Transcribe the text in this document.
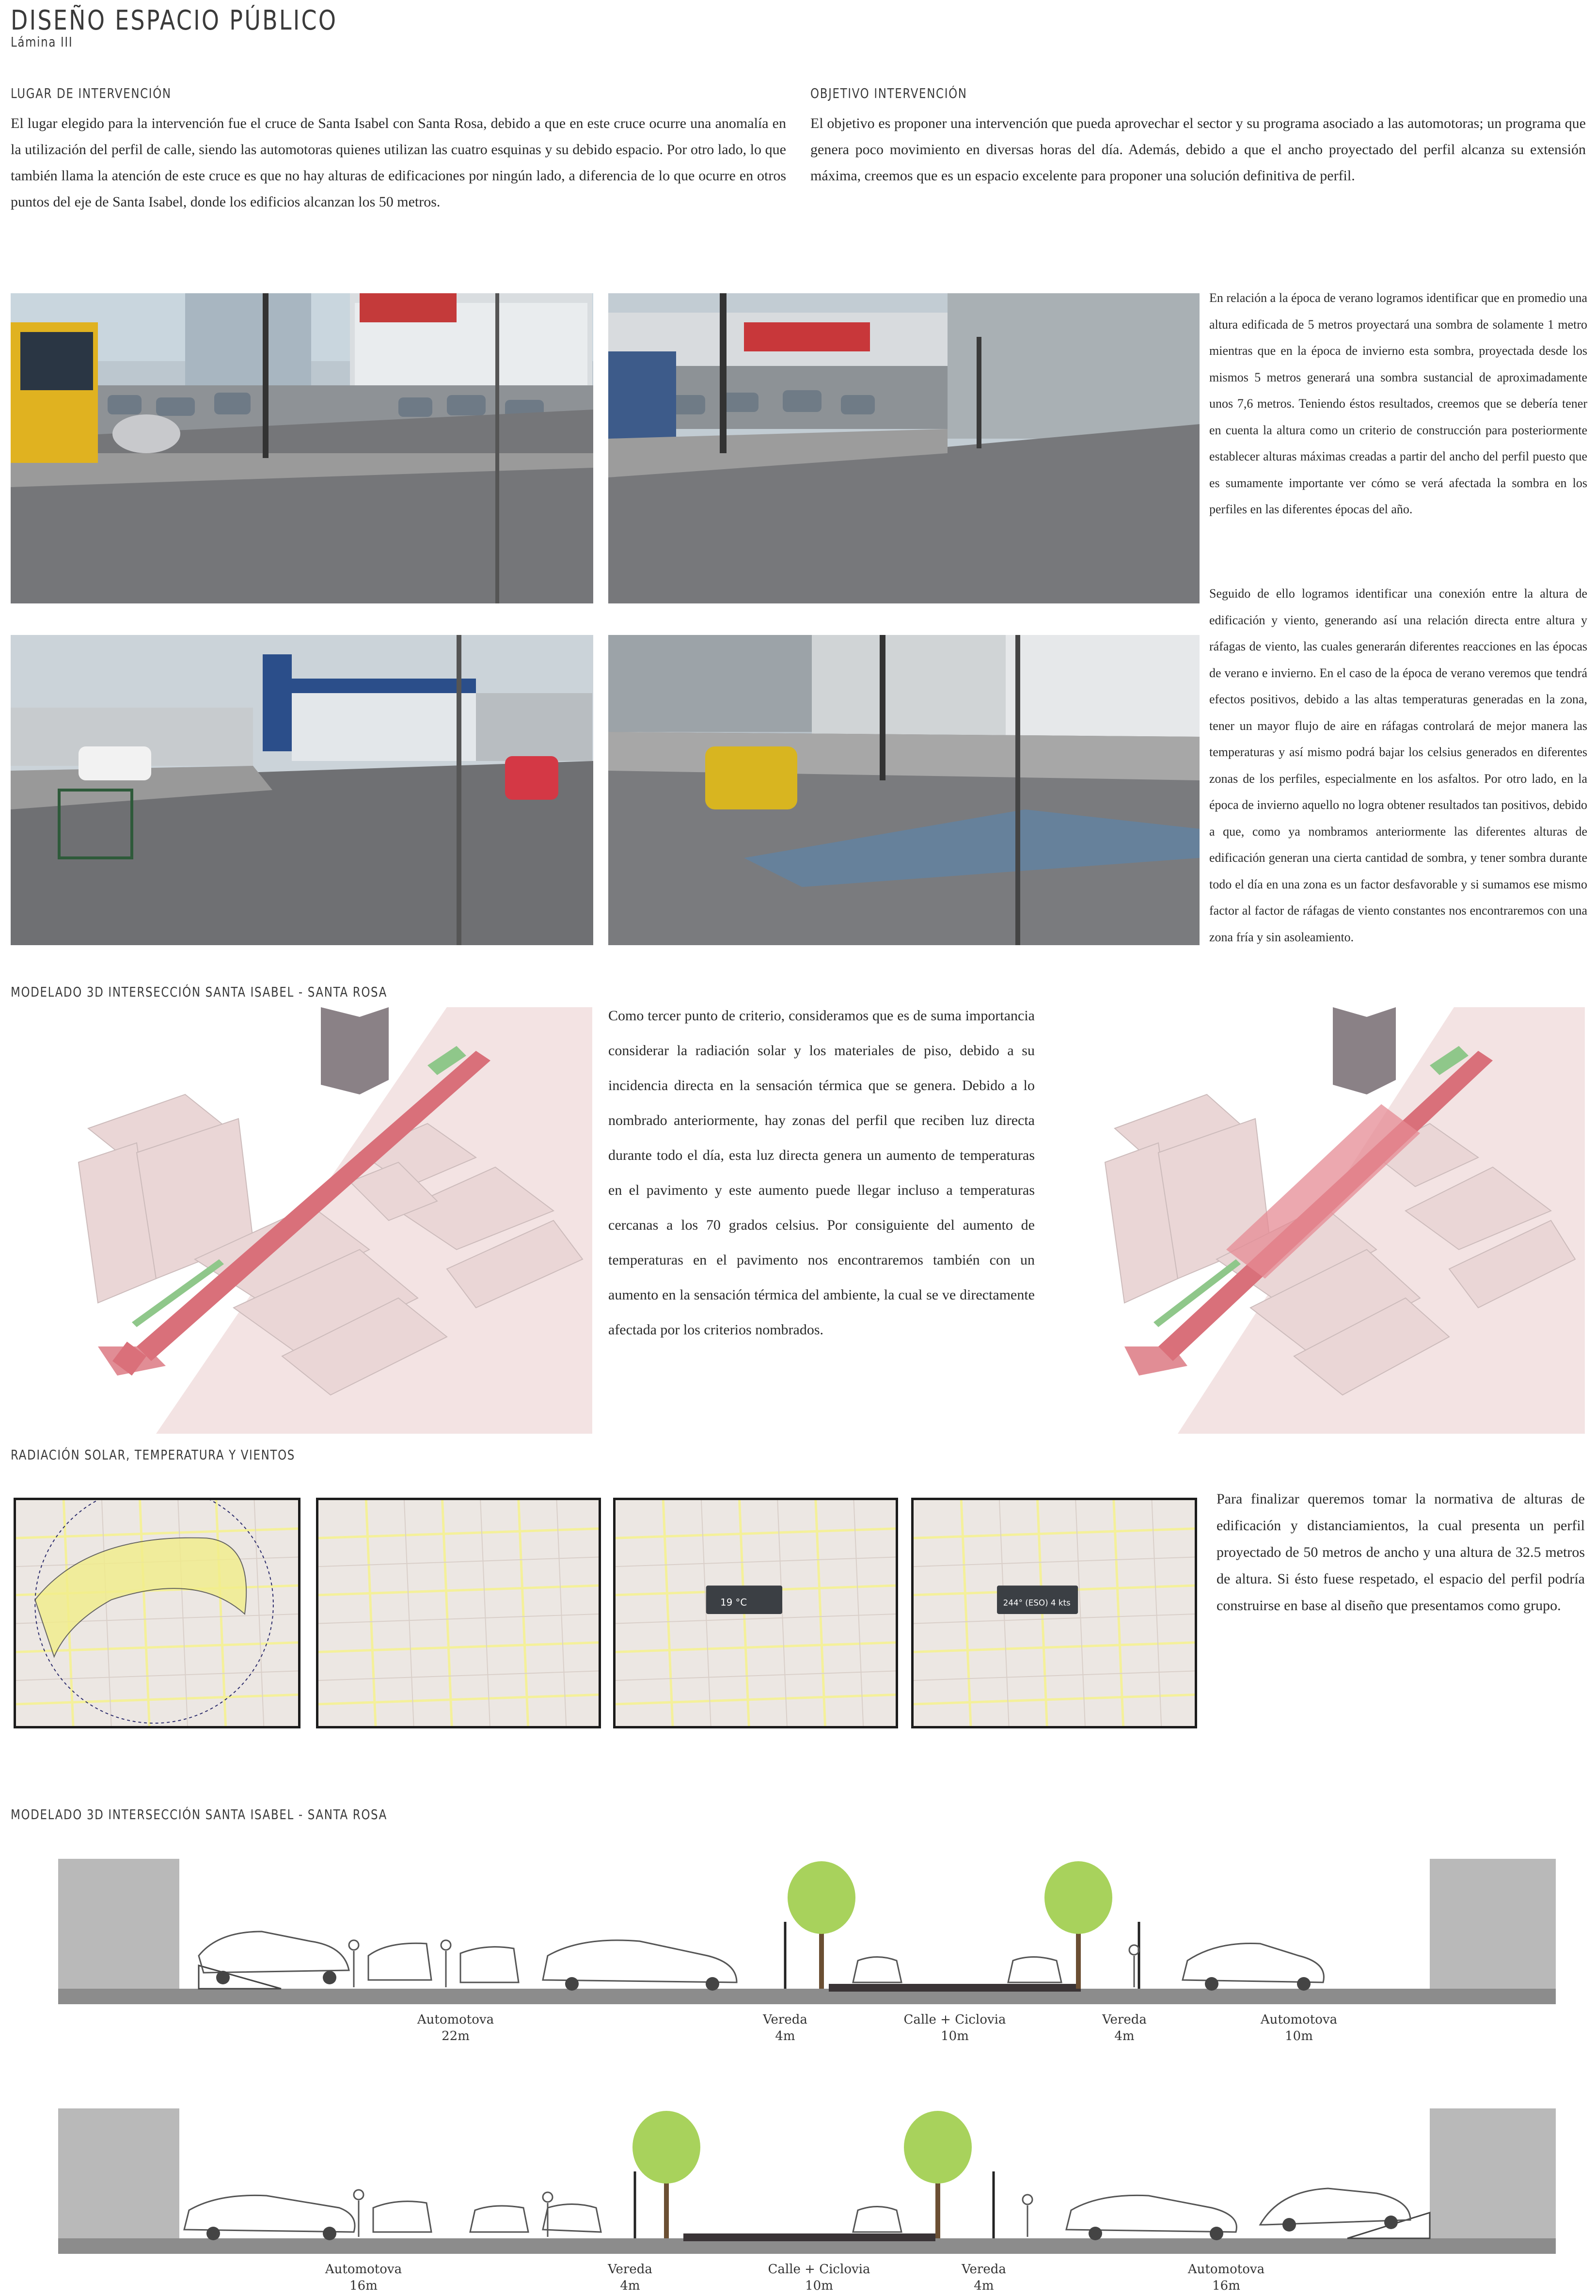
DISEÑO ESPACIO PÚBLICO
Lámina III
LUGAR DE INTERVENCIÓN
El lugar elegido para la intervención fue el cruce de Santa Isabel con Santa Rosa, debido a que en este cruce ocurre una anomalía en la utilización del perfil de calle, siendo las automotoras quienes utilizan las cuatro esquinas y su debido espacio. Por otro lado, lo que también llama la atención de este cruce es que no hay alturas de edificaciones por ningún lado, a diferencia de lo que ocurre en otros puntos del eje de Santa Isabel, donde los edificios alcanzan los 50 metros.
OBJETIVO INTERVENCIÓN
El objetivo es proponer una intervención que pueda aprovechar el sector y su programa asociado a las automotoras; un programa que genera poco movimiento en diversas horas del día. Además, debido a que el ancho proyectado del perfil alcanza su extensión máxima, creemos que es un espacio excelente para proponer una solución definitiva de perfil.
En relación a la época de verano logramos identificar que en promedio una altura edificada de 5 metros proyectará una sombra de solamente 1 metro mientras que en la época de invierno esta sombra, proyectada desde los mismos 5 metros generará una sombra sustancial de aproximadamente unos 7,6 metros. Teniendo éstos resultados, creemos que se debería tener en cuenta la altura como un criterio de construcción para posteriormente establecer alturas máximas creadas a partir del ancho del perfil puesto que es sumamente importante ver cómo se verá afectada la sombra en los perfiles en las diferentes épocas del año.
Seguido de ello logramos identificar una conexión entre la altura de edificación y viento, generando así una relación directa entre altura y ráfagas de viento, las cuales generarán diferentes reacciones en las épocas de verano e invierno. En el caso de la época de verano veremos que tendrá efectos positivos, debido a las altas temperaturas generadas en la zona, tener un mayor flujo de aire en ráfagas controlará de mejor manera las temperaturas y así mismo podrá bajar los celsius generados en diferentes zonas de los perfiles, especialmente en los asfaltos. Por otro lado, en la época de invierno aquello no logra obtener resultados tan positivos, debido a que, como ya nombramos anteriormente las diferentes alturas de edificación generan una cierta cantidad de sombra, y tener sombra durante todo el día en una zona es un factor desfavorable y si sumamos ese mismo factor al factor de ráfagas de viento constantes nos encontraremos con una zona fría y sin asoleamiento.
MODELADO 3D INTERSECCIÓN SANTA ISABEL - SANTA ROSA
Como tercer punto de criterio, consideramos que es de suma importancia considerar la radiación solar y los materiales de piso, debido a su incidencia directa en la sensación térmica que se genera. Debido a lo nombrado anteriormente, hay zonas del perfil que reciben luz directa durante todo el día, esta luz directa genera un aumento de temperaturas en el pavimento y este aumento puede llegar incluso a temperaturas cercanas a los 70 grados celsius. Por consiguiente del aumento de temperaturas en el pavimento nos encontraremos también con un aumento en la sensación térmica del ambiente, la cual se ve directamente afectada por los criterios nombrados.
RADIACIÓN SOLAR, TEMPERATURA Y VIENTOS
19 °C	244° (ESO) 4 kts
Para finalizar queremos tomar la normativa de alturas de edificación y distanciamientos, la cual presenta un perfil proyectado de 50 metros de ancho y una altura de 32.5 metros de altura. Si ésto fuese respetado, el espacio del perfil podría construirse en base al diseño que presentamos como grupo.
MODELADO 3D INTERSECCIÓN SANTA ISABEL - SANTA ROSA
Automotova
22m
Vereda
4m
Calle + Ciclovia
10m
Vereda
4m
Automotova
10m
Automotova
16m
Vereda
4m
Calle + Ciclovia
10m
Vereda
4m
Automotova
16m
